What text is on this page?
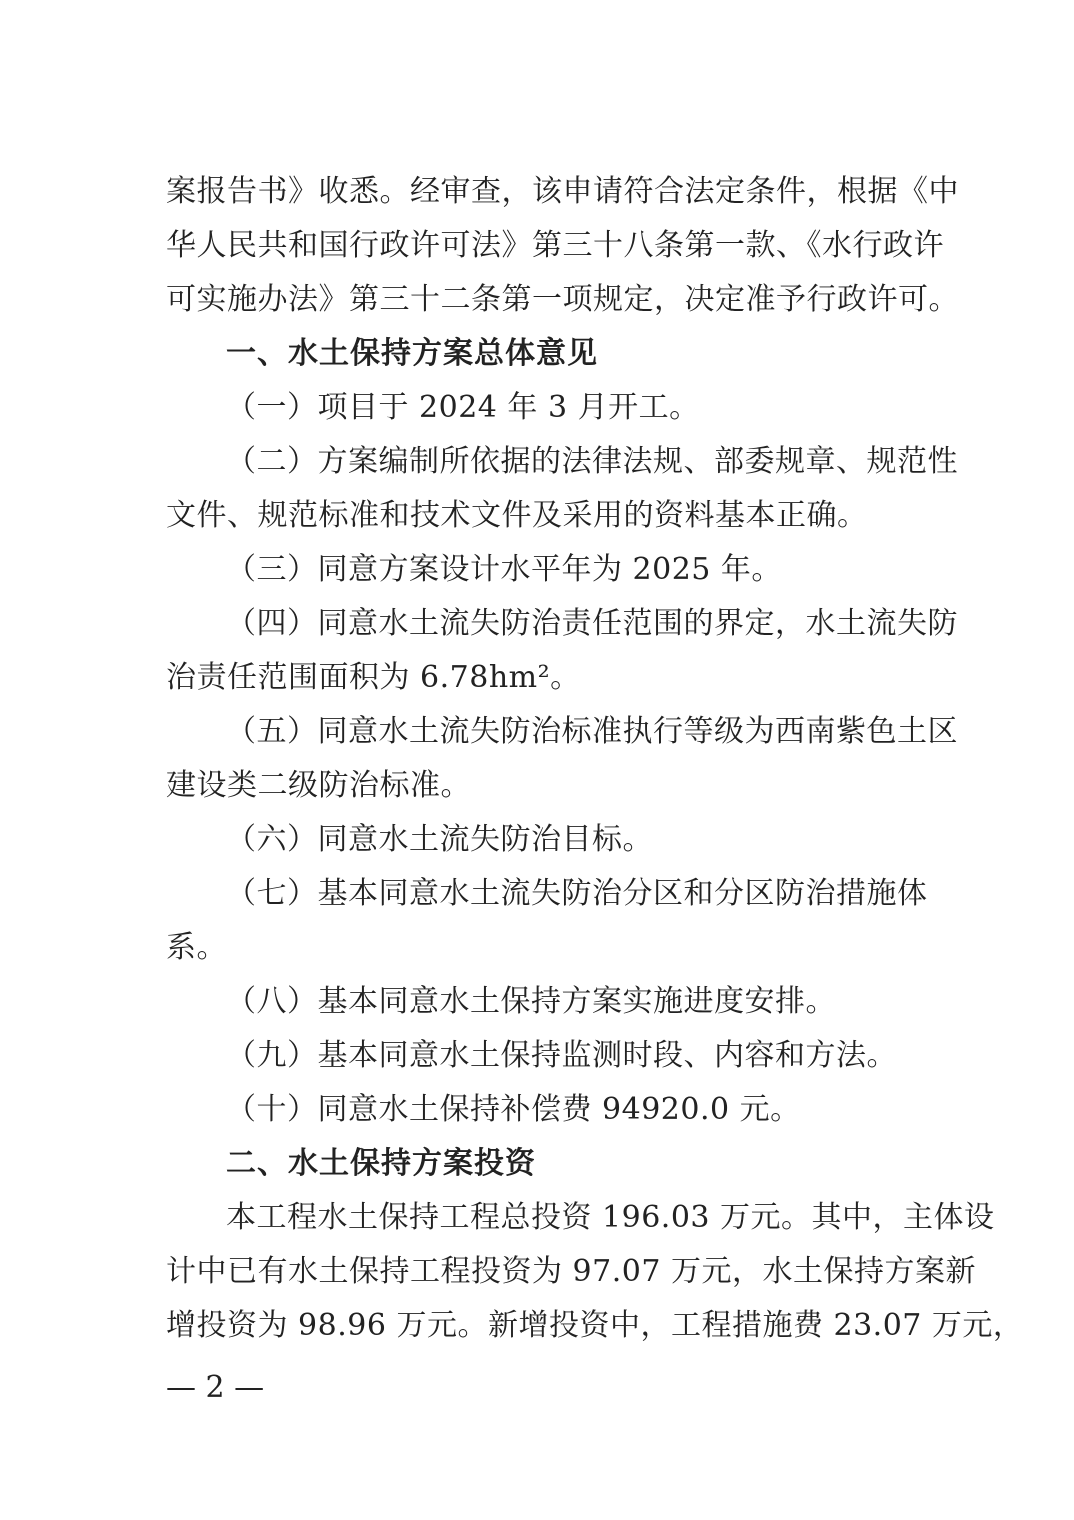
案报告书》收悉。经审查，该申请符合法定条件，根据《中
华人民共和国行政许可法》第三十八条第一款、《水行政许
可实施办法》第三十二条第一项规定，决定准予行政许可。
一、水土保持方案总体意见
（一）项目于 2024 年 3 月开工。
（二）方案编制所依据的法律法规、部委规章、规范性
文件、规范标准和技术文件及采用的资料基本正确。
（三）同意方案设计水平年为 2025 年。
（四）同意水土流失防治责任范围的界定，水土流失防
治责任范围面积为 6.78hm²。
（五）同意水土流失防治标准执行等级为西南紫色土区
建设类二级防治标准。
（六）同意水土流失防治目标。
（七）基本同意水土流失防治分区和分区防治措施体
系。
（八）基本同意水土保持方案实施进度安排。
（九）基本同意水土保持监测时段、内容和方法。
（十）同意水土保持补偿费 94920.0 元。
二、水土保持方案投资
本工程水土保持工程总投资 196.03 万元。其中，主体设
计中已有水土保持工程投资为 97.07 万元，水土保持方案新
增投资为 98.96 万元。新增投资中，工程措施费 23.07 万元，
— 2 —
